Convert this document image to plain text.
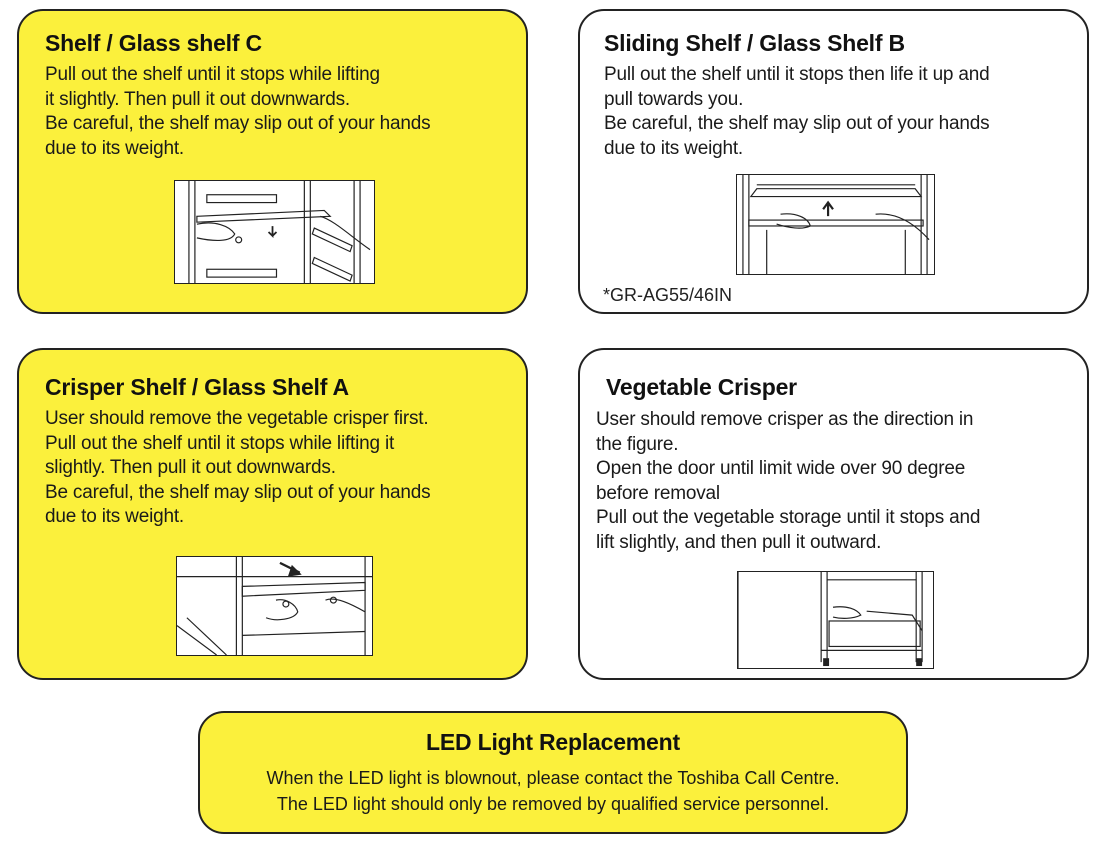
Shelf / Glass shelf C

Pull out the shelf until it stops while lifting

it slightly. Then pull it out downwards.

Be careful, the shelf may slip out of your hands

due to its weight.

Sliding Shelf / Glass Shelf B

Pull out the shelf until it stops then life it up and

pull towards you.

Be careful, the shelf may slip out of your hands

due to its weight.

*GR-AG55/46IN
Crisper Shelf / Glass Shelf A

User should remove the vegetable crisper first.

Pull out the shelf until it stops while lifting it

slightly. Then pull it out downwards.

Be careful, the shelf may slip out of your hands

due to its weight.

Vegetable Crisper

User should remove crisper as the direction in

the figure.

Open the door until limit wide over 90 degree

before removal

Pull out the vegetable storage until it stops and

lift slightly, and then pull it outward.

LED Light Replacement

When the LED light is blownout, please contact the Toshiba Call Centre.

The LED light should only be removed by qualified service personnel.
